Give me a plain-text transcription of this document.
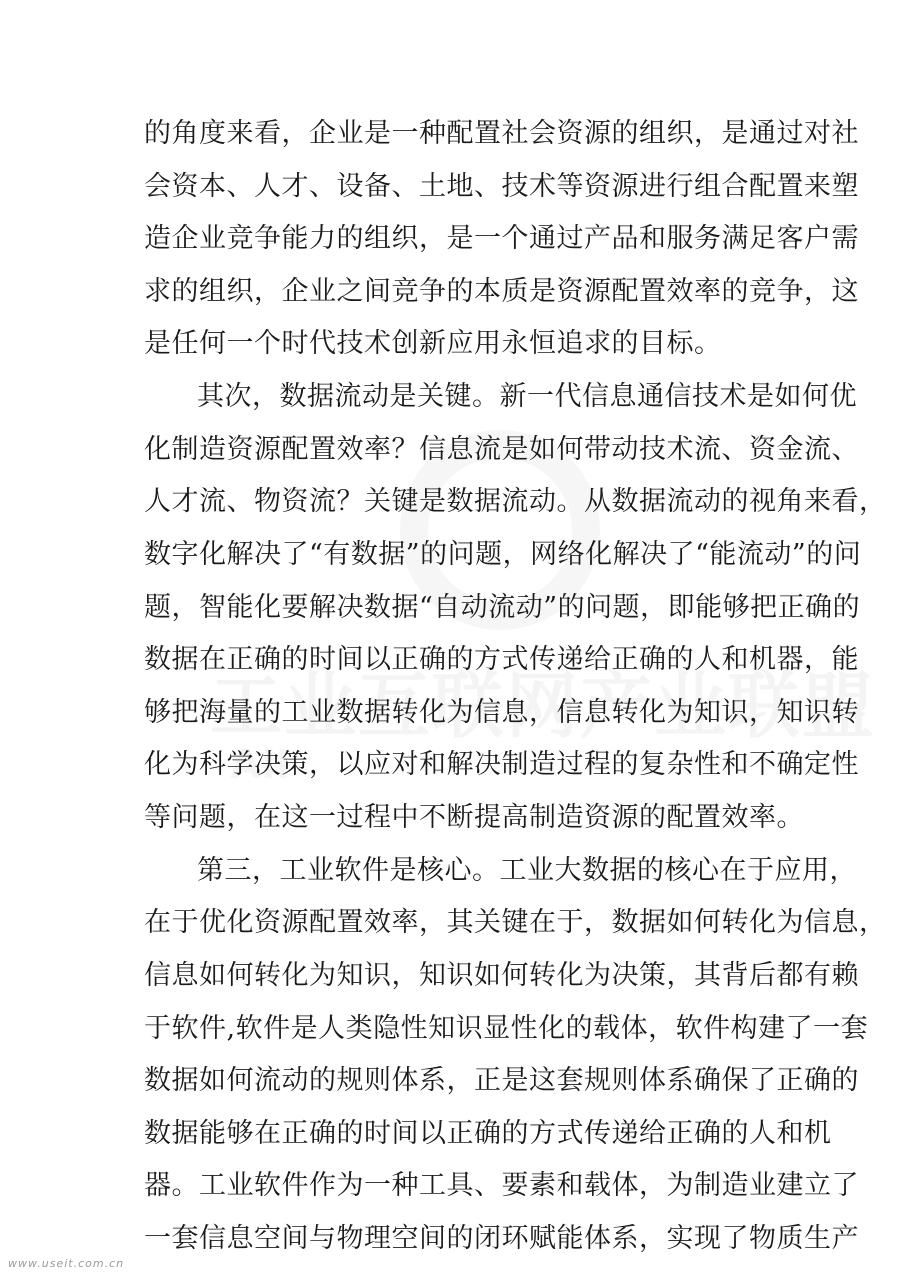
www.useit.com.cn
的角度来看，企业是一种配置社会资源的组织，是通过对社
会资本、人才、设备、土地、技术等资源进行组合配置来塑
造企业竞争能力的组织，是一个通过产品和服务满足客户需
求的组织，企业之间竞争的本质是资源配置效率的竞争，这
是任何一个时代技术创新应用永恒追求的目标。
其次，数据流动是关键。新一代信息通信技术是如何优
化制造资源配置效率？信息流是如何带动技术流、资金流、
人才流、物资流？关键是数据流动。从数据流动的视角来看，
数字化解决了“有数据”的问题，网络化解决了“能流动”的问
题，智能化要解决数据“自动流动”的问题，即能够把正确的
数据在正确的时间以正确的方式传递给正确的人和机器，能
够把海量的工业数据转化为信息，信息转化为知识，知识转
化为科学决策，以应对和解决制造过程的复杂性和不确定性
等问题，在这一过程中不断提高制造资源的配置效率。
第三，工业软件是核心。工业大数据的核心在于应用，
在于优化资源配置效率，其关键在于，数据如何转化为信息，
信息如何转化为知识，知识如何转化为决策，其背后都有赖
于软件,软件是人类隐性知识显性化的载体，软件构建了一套
数据如何流动的规则体系，正是这套规则体系确保了正确的
数据能够在正确的时间以正确的方式传递给正确的人和机
器。工业软件作为一种工具、要素和载体，为制造业建立了
一套信息空间与物理空间的闭环赋能体系，实现了物质生产
